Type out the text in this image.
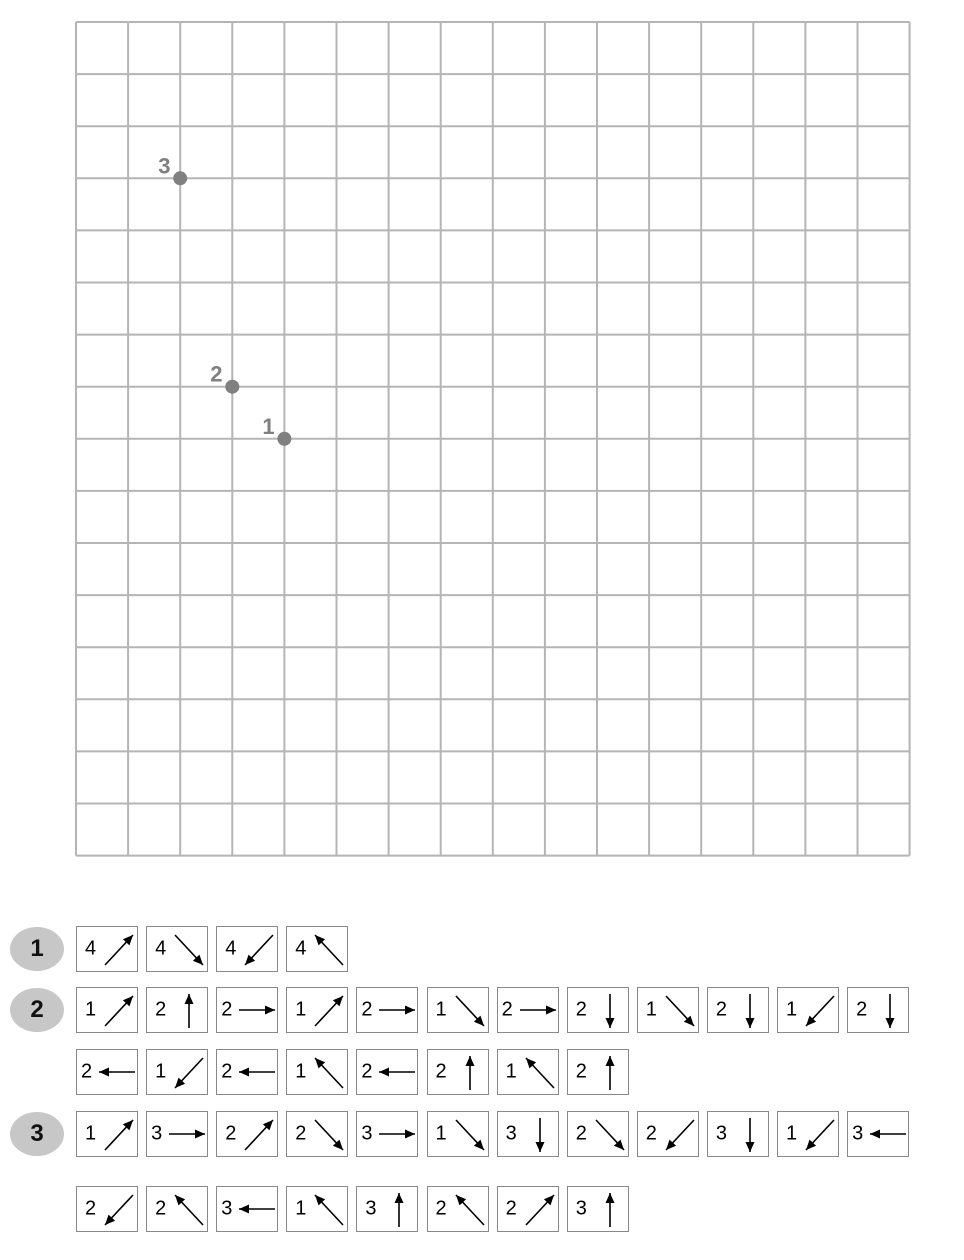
3
2
1
1	4	4	4	4
2	1	2	2	1	2	1	2	2	1	2	1	2
2	1	2	1	2	2	1	2
3	1	3	2	2	3	1	3	2	2	3	1	3
2	2	3	1	3	2	2	3
